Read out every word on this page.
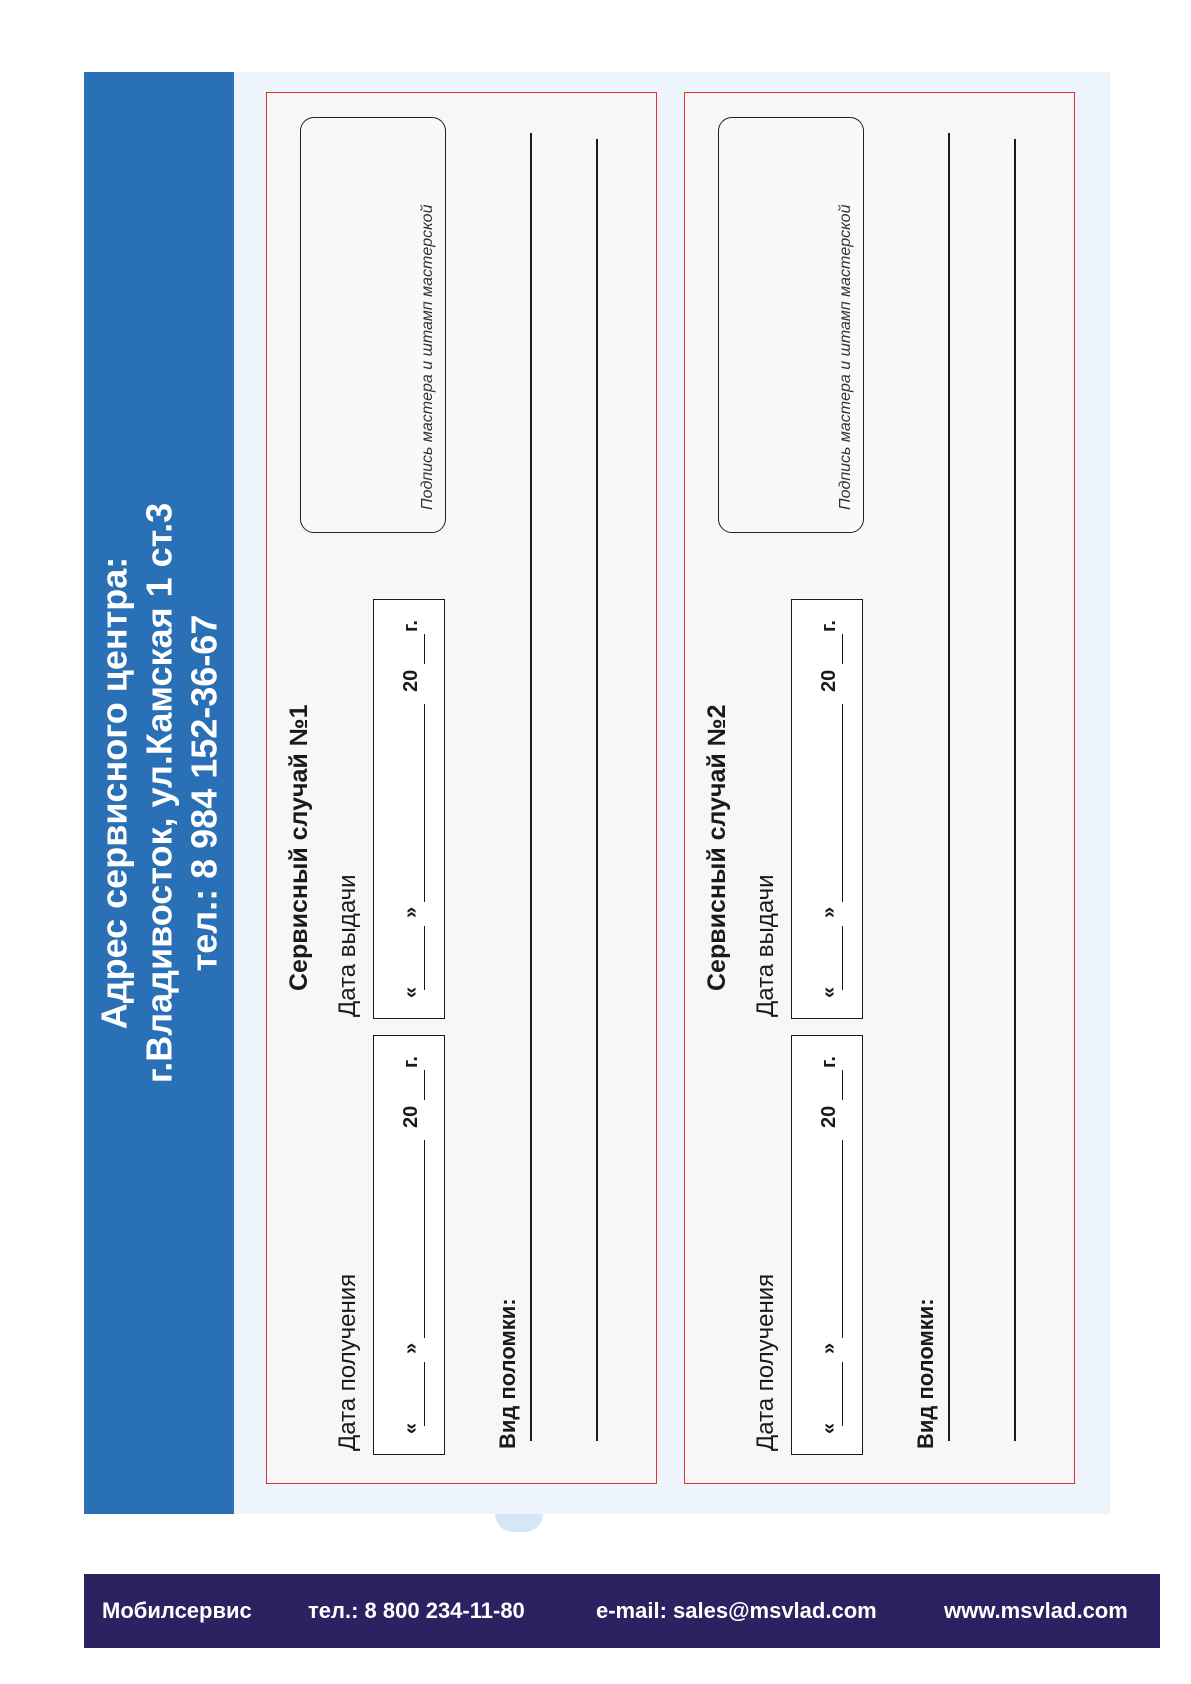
Адрес сервисного центра: г.Владивосток, ул.Камская 1 ст.3 тел.: 8 984 152-36-67 Сервисный случай №1
Дата получения
Дата выдачи
«
»
20
г.
«
»
20
г.
Подпись мастера и штамп мастерской
Вид поломки:
Сервисный случай №2
Дата получения
Дата выдачи
«
»
20
г.
«
»
20
г.
Подпись мастера и штамп мастерской
Вид поломки:
Мобилсервис	тел.: 8 800 234-11-80	e-mail: sales@msvlad.com	www.msvlad.com
